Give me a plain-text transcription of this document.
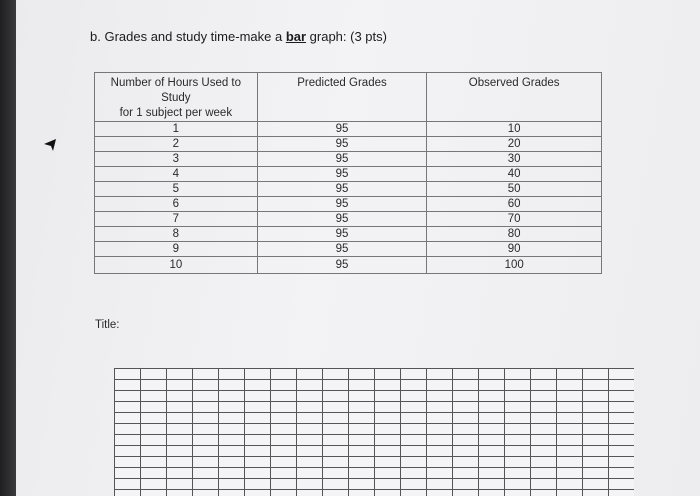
b. Grades and study time-make a bar graph: (3 pts)
Number of Hours Used to
Study
for 1 subject per week	Predicted Grades	Observed Grades
1	95	10
2	95	20
3	95	30
4	95	40
5	95	50
6	95	60
7	95	70
8	95	80
9	95	90
10	95	100
Title:
